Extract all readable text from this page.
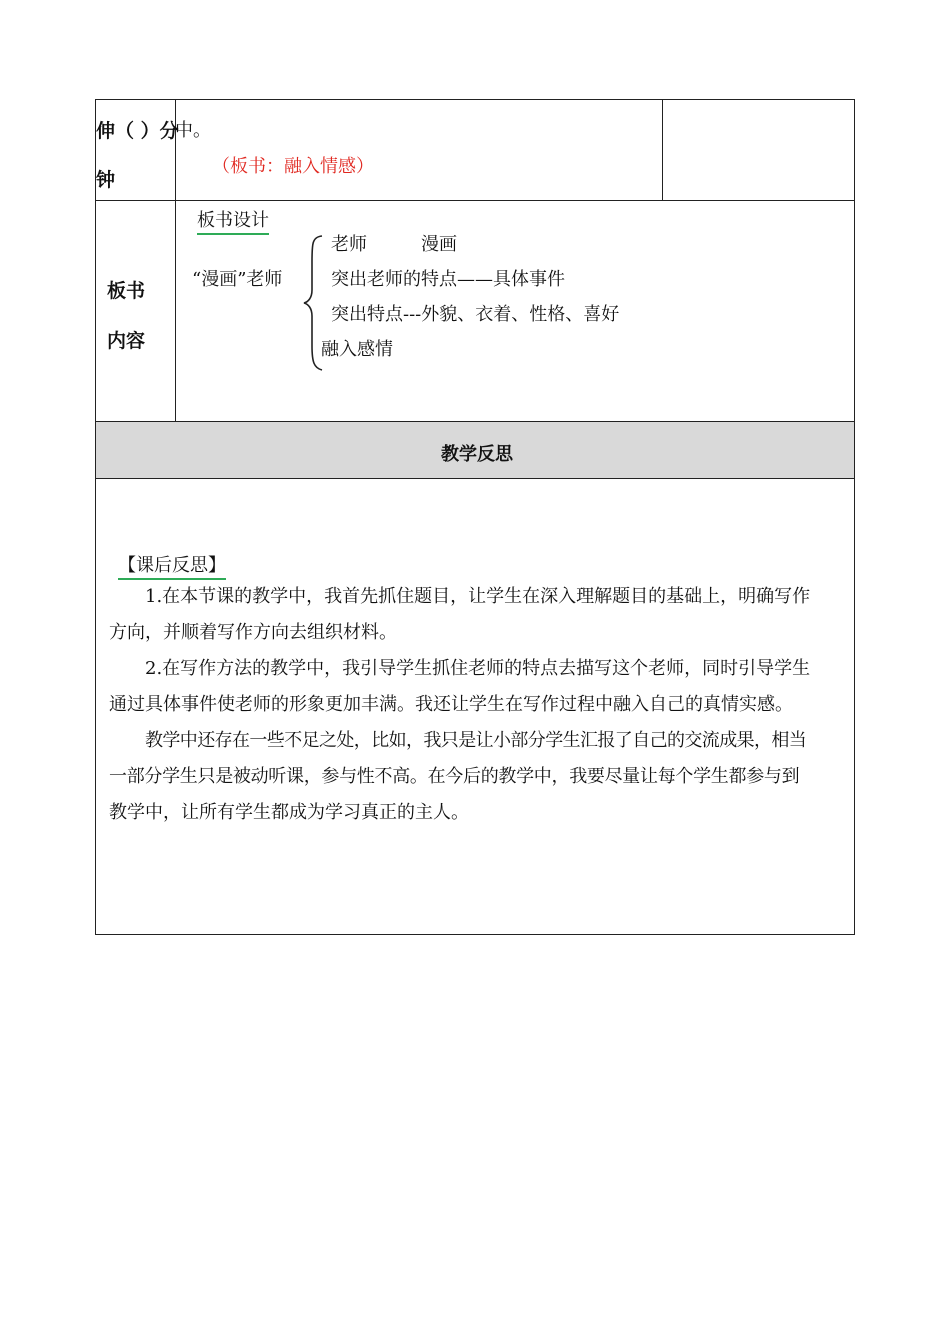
伸（ ）分
钟
中。
（板书：融入情感）
板书
内容
板书设计
“漫画”老师
老师　　　漫画
突出老师的特点——具体事件
突出特点---外貌、衣着、性格、喜好
融入感情
教学反思
【课后反思】
1.在本节课的教学中，我首先抓住题目，让学生在深入理解题目的基础上，明确写作
方向，并顺着写作方向去组织材料。
2.在写作方法的教学中，我引导学生抓住老师的特点去描写这个老师，同时引导学生
通过具体事件使老师的形象更加丰满。我还让学生在写作过程中融入自己的真情实感。
教学中还存在一些不足之处，比如，我只是让小部分学生汇报了自己的交流成果，相当
一部分学生只是被动听课，参与性不高。在今后的教学中，我要尽量让每个学生都参与到
教学中，让所有学生都成为学习真正的主人。
